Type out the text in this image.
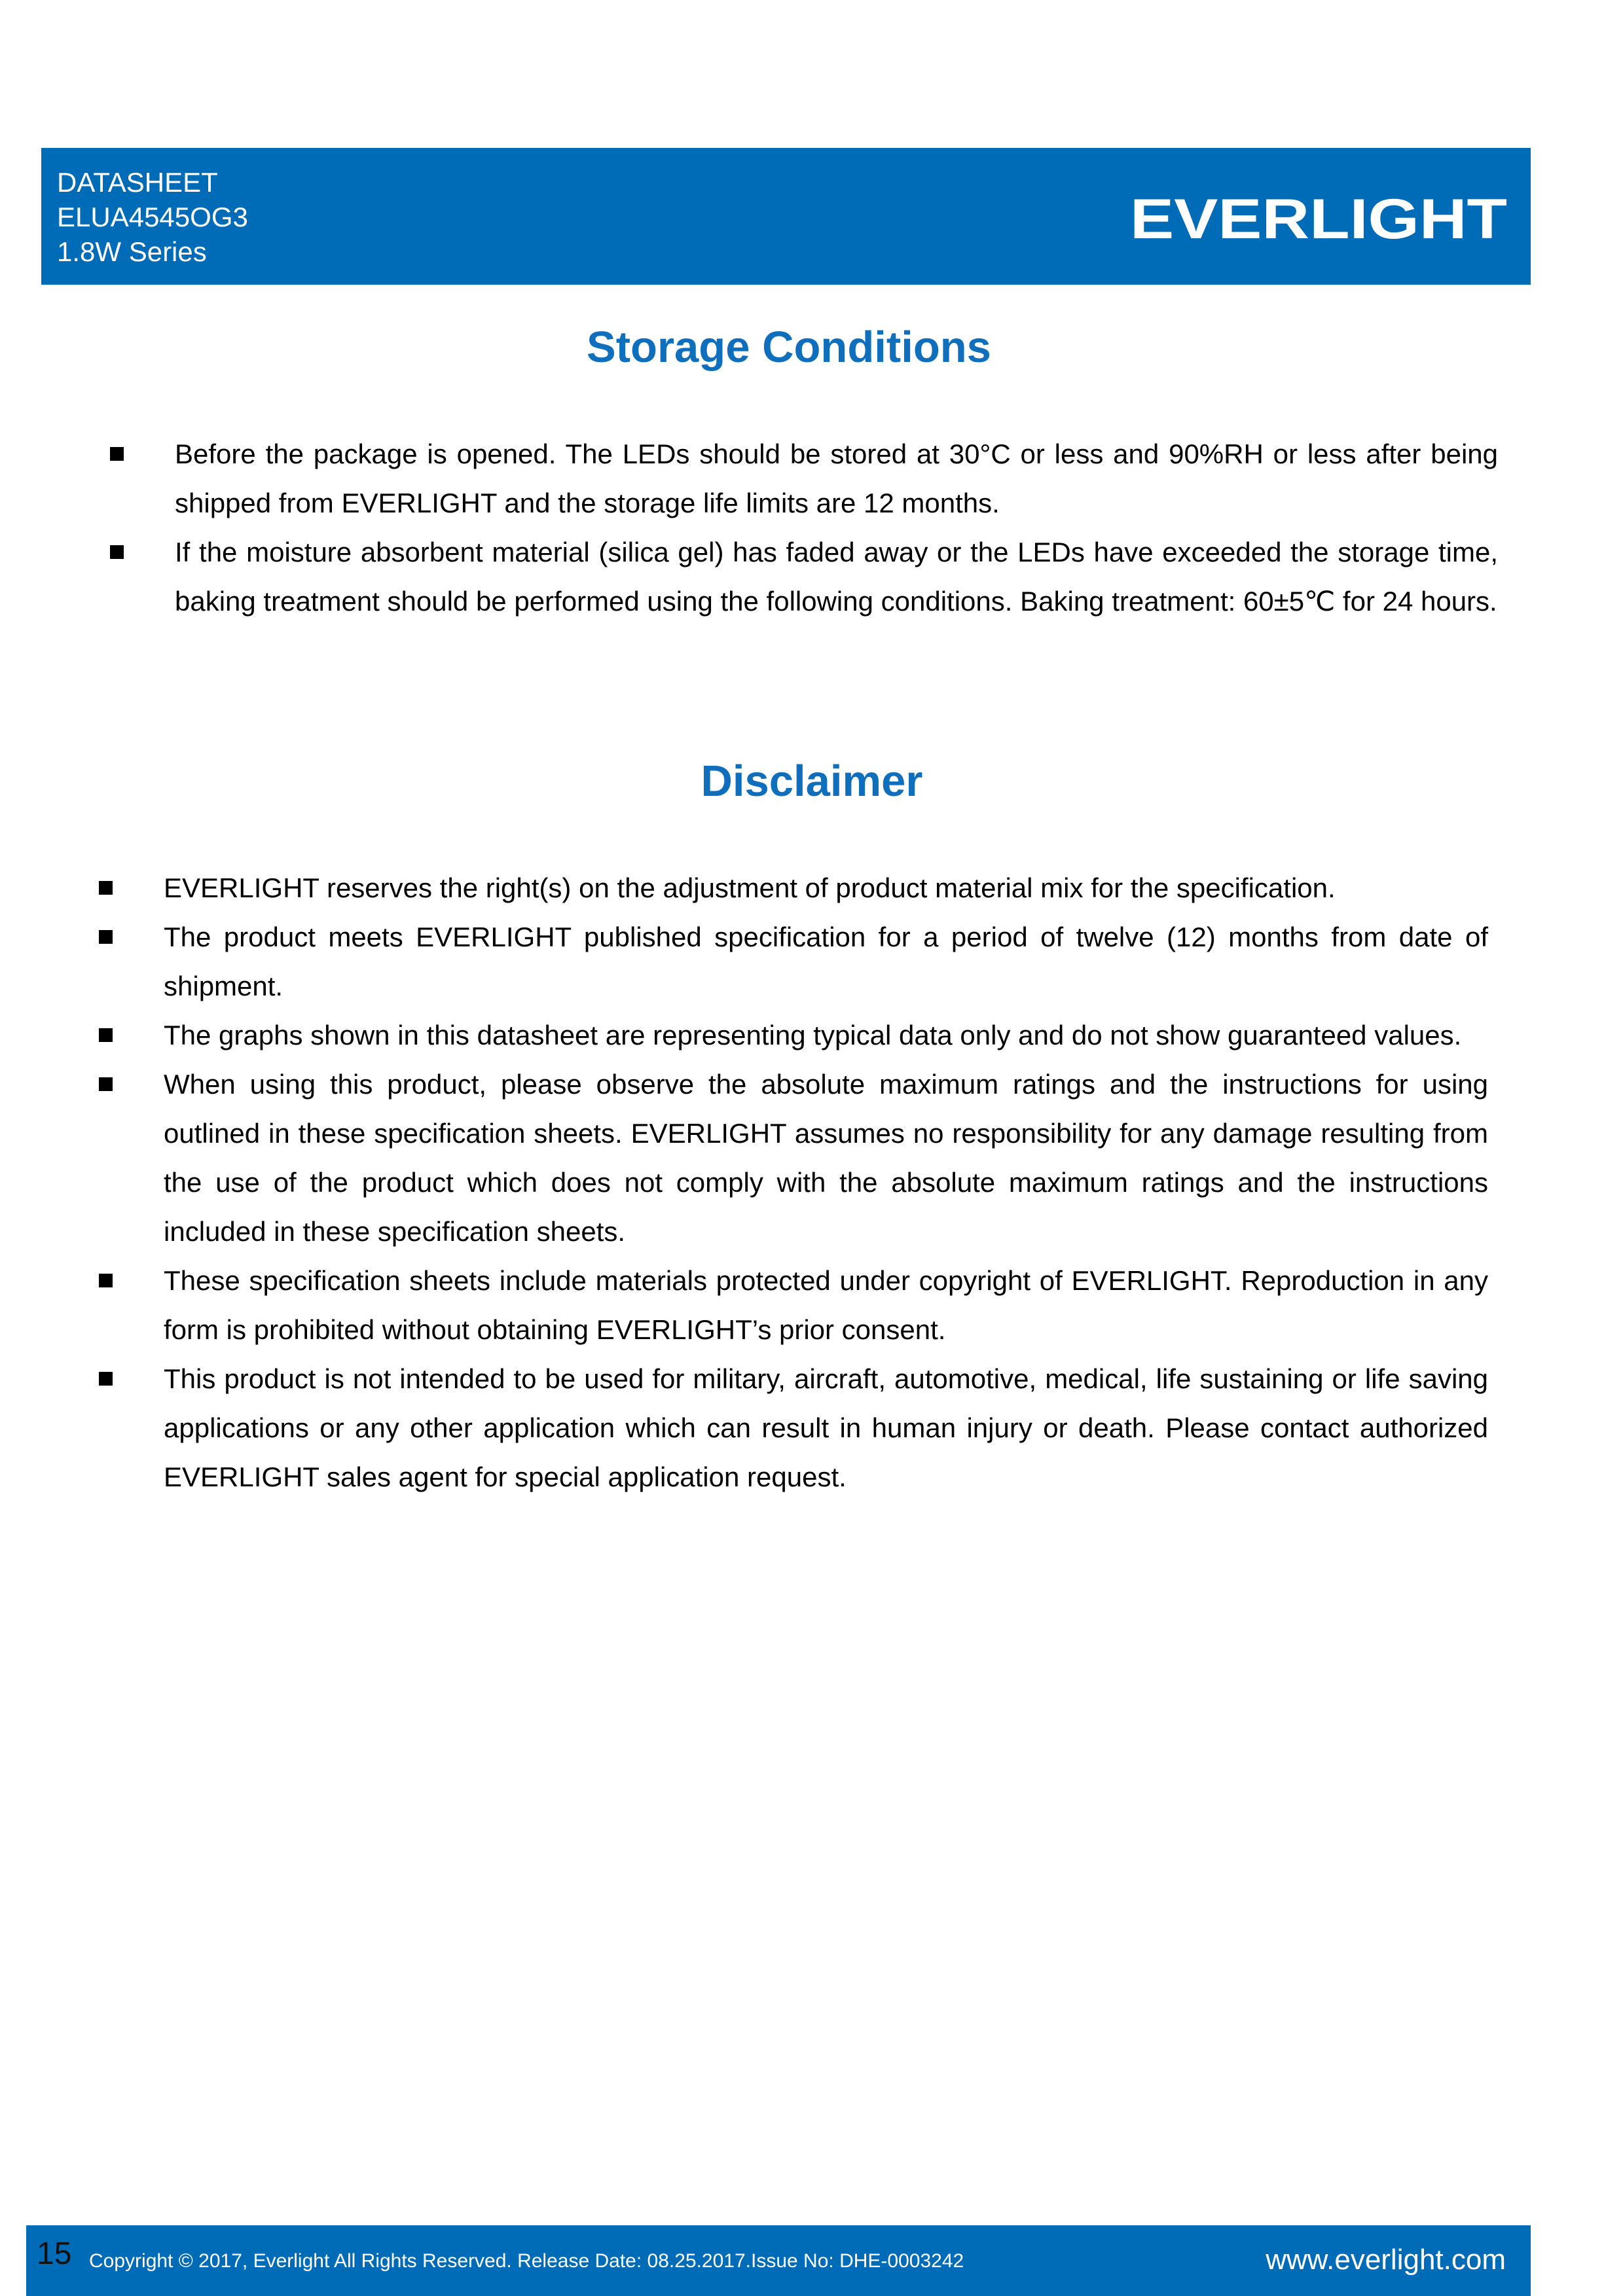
DATASHEET
ELUA4545OG3
1.8W Series
EVERLIGHT
Storage Conditions
Before the package is opened. The LEDs should be stored at 30°C or less and 90%RH or less after being shipped from EVERLIGHT and the storage life limits are 12 months.
If the moisture absorbent material (silica gel) has faded away or the LEDs have exceeded the storage time, baking treatment should be performed using the following conditions. Baking treatment: 60±5℃ for 24 hours.
Disclaimer
EVERLIGHT reserves the right(s) on the adjustment of product material mix for the specification.
The product meets EVERLIGHT published specification for a period of twelve (12) months from date of shipment.
The graphs shown in this datasheet are representing typical data only and do not show guaranteed values.
When using this product, please observe the absolute maximum ratings and the instructions for using outlined in these specification sheets. EVERLIGHT assumes no responsibility for any damage resulting from the use of the product which does not comply with the absolute maximum ratings and the instructions included in these specification sheets.
These specification sheets include materials protected under copyright of EVERLIGHT. Reproduction in any form is prohibited without obtaining EVERLIGHT’s prior consent.
This product is not intended to be used for military, aircraft, automotive, medical, life sustaining or life saving applications or any other application which can result in human injury or death. Please contact authorized EVERLIGHT sales agent for special application request.
15 Copyright © 2017, Everlight All Rights Reserved. Release Date: 08.25.2017.Issue No: DHE-0003242	www.everlight.com
